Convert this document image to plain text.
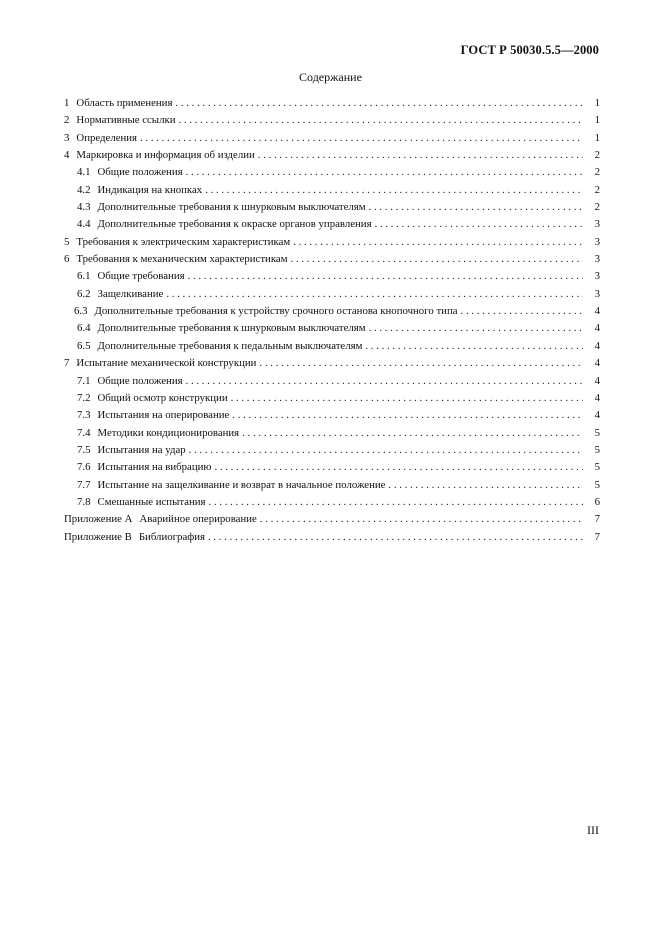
ГОСТ Р 50030.5.5—2000
Содержание
1 Область применения . . .	1
2 Нормативные ссылки . . .	1
3 Определения . . .	1
4 Маркировка и информация об изделии . . .	2
4.1 Общие положения . . .	2
4.2 Индикация на кнопках . . .	2
4.3 Дополнительные требования к шнурковым выключателям . . .	2
4.4 Дополнительные требования к окраске органов управления . . .	3
5 Требования к электрическим характеристикам . . .	3
6 Требования к механическим характеристикам . . .	3
6.1 Общие требования . . .	3
6.2 Защелкивание . . .	3
6.3 Дополнительные требования к устройству срочного останова кнопочного типа . . .	4
6.4 Дополнительные требования к шнурковым выключателям . . .	4
6.5 Дополнительные требования к педальным выключателям . . .	4
7 Испытание механической конструкции . . .	4
7.1 Общие положения . . .	4
7.2 Общий осмотр конструкции . . .	4
7.3 Испытания на оперирование . . .	4
7.4 Методики кондиционирования . . .	5
7.5 Испытания на удар . . .	5
7.6 Испытания на вибрацию . . .	5
7.7 Испытание на защелкивание и возврат в начальное положение . . .	5
7.8 Смешанные испытания . . .	6
Приложение А Аварийное оперирование . . .	7
Приложение В Библиография . . .	7
III
